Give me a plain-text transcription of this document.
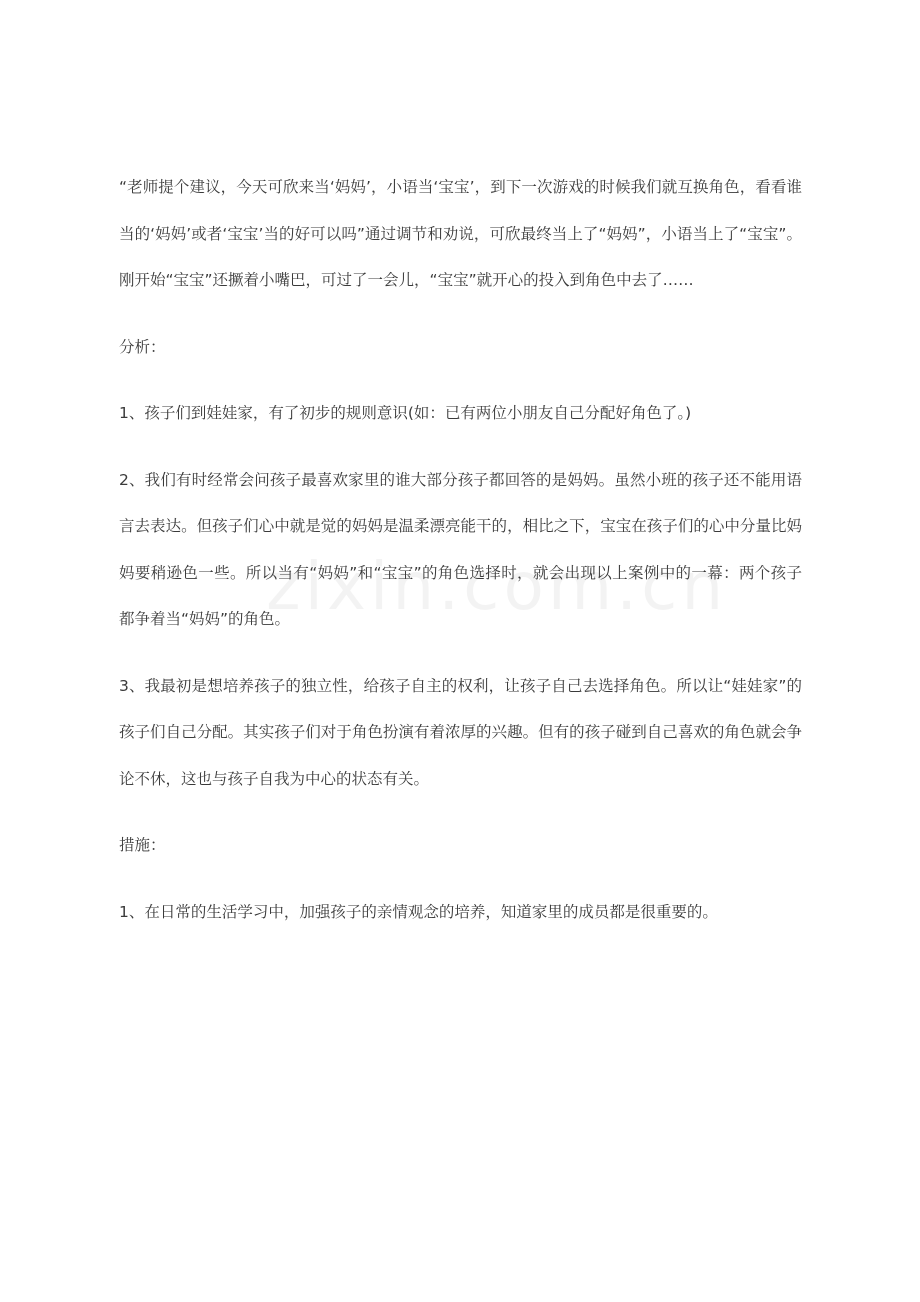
“老师提个建议，今天可欣来当‘妈妈’，小语当‘宝宝’，到下一次游戏的时候我们就互换角色，看看谁当的‘妈妈’或者‘宝宝’当的好可以吗”通过调节和劝说，可欣最终当上了“妈妈”，小语当上了“宝宝”。刚开始“宝宝”还撅着小嘴巴，可过了一会儿，“宝宝”就开心的投入到角色中去了……

分析：

1、孩子们到娃娃家，有了初步的规则意识(如：已有两位小朋友自己分配好角色了。)

2、我们有时经常会问孩子最喜欢家里的谁大部分孩子都回答的是妈妈。虽然小班的孩子还不能用语言去表达。但孩子们心中就是觉的妈妈是温柔漂亮能干的，相比之下，宝宝在孩子们的心中分量比妈妈要稍逊色一些。所以当有“妈妈”和“宝宝”的角色选择时，就会出现以上案例中的一幕：两个孩子都争着当“妈妈”的角色。

3、我最初是想培养孩子的独立性，给孩子自主的权利，让孩子自己去选择角色。所以让“娃娃家”的孩子们自己分配。其实孩子们对于角色扮演有着浓厚的兴趣。但有的孩子碰到自己喜欢的角色就会争论不休，这也与孩子自我为中心的状态有关。

措施：

1、在日常的生活学习中，加强孩子的亲情观念的培养，知道家里的成员都是很重要的。
